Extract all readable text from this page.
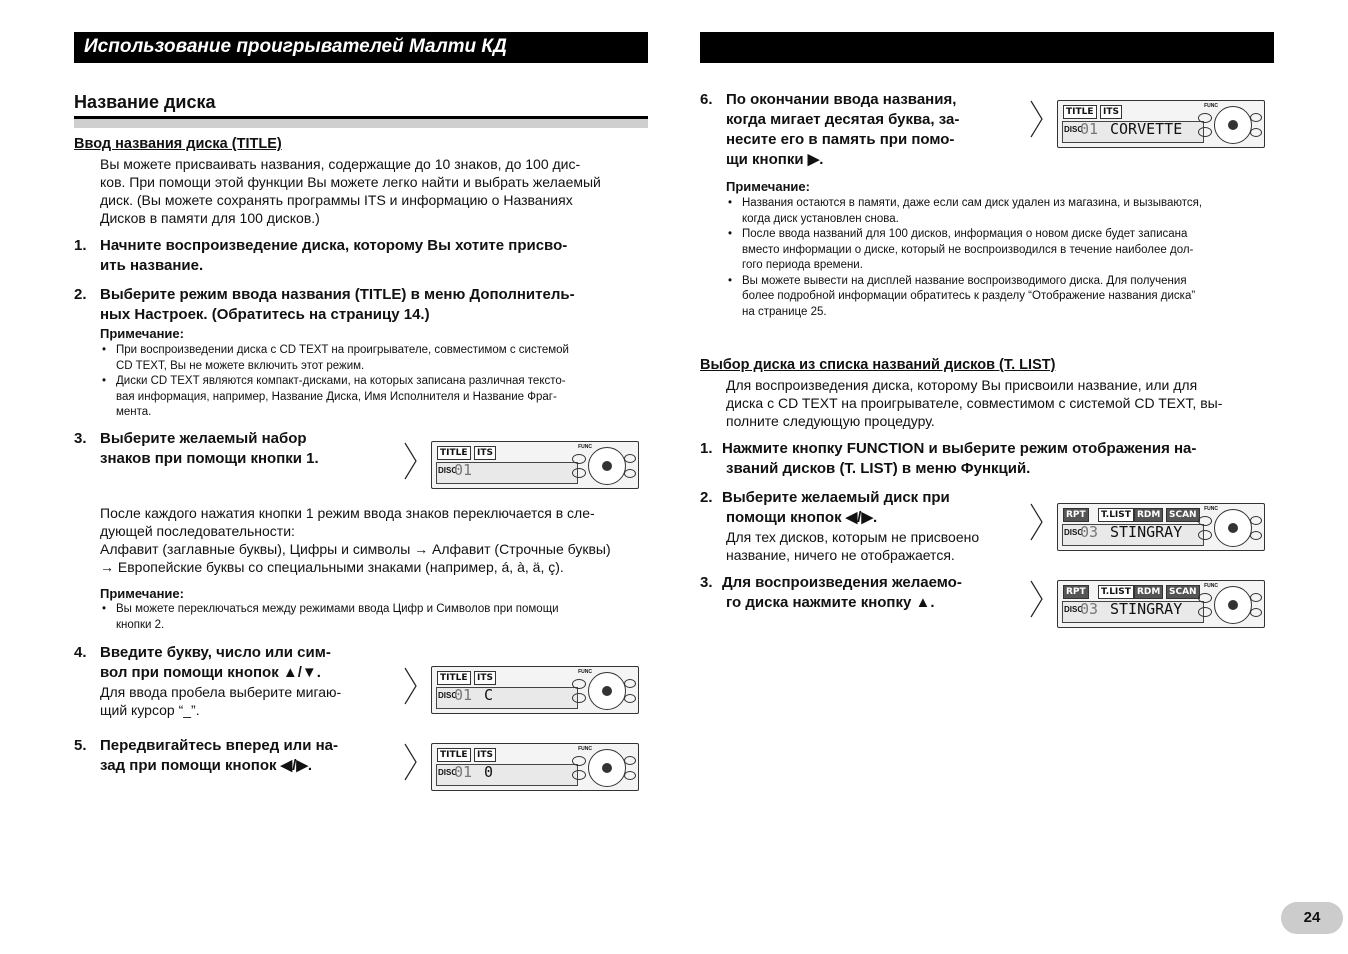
Использование проигрывателей Малти КД
Название диска
Ввод названия диска (TITLE)
Вы можете присваивать названия, содержащие до 10 знаков, до 100 дис-
ков. При помощи этой функции Вы можете легко найти и выбрать желаемый
диск. (Вы можете сохранять программы ITS и информацию о Названиях
Дисков в памяти для 100 дисков.)
1. Начните воспроизведение диска, которому Вы хотите присво-
ить название.
2. Выберите режим ввода названия (TITLE) в меню Дополнитель-
ных Настроек. (Обратитесь на страницу 14.)
Примечание:
• При воспроизведении диска с CD TEXT на проигрывателе, совместимом с системой
CD TEXT, Вы не можете включить этот режим.
• Диски CD TEXT являются компакт-дисками, на которых записана различная тексто-
вая информация, например, Название Диска, Имя Исполнителя и Название Фраг-
мента.
3. Выберите желаемый набор
знаков при помощи кнопки 1.
После каждого нажатия кнопки 1 режим ввода знаков переключается в сле-
дующей последовательности:
Алфавит (заглавные буквы), Цифры и символы → Алфавит (Строчные буквы)
→ Европейские буквы со специальными знаками (например, á, à, ä, ç).
Примечание:
• Вы можете переключаться между режимами ввода Цифр и Символов при помощи
кнопки 2.
4. Введите букву, число или сим-
вол при помощи кнопок ▲/▼.
Для ввода пробела выберите мигаю-
щий курсор “_”.
5. Передвигайтесь вперед или на-
зад при помощи кнопок ◀/▶.
TITLE	ITS
DISC
01
FUNC
TITLE	ITS
DISC
01 C
FUNC
TITLE	ITS
DISC
01 0
FUNC
6. По окончании ввода названия,
когда мигает десятая буква, за-
несите его в память при помо-
щи кнопки ▶.
TITLE	ITS
DISC
01 CORVETTE
FUNC
Примечание:
• Названия остаются в памяти, даже если сам диск удален из магазина, и вызываются,
когда диск установлен снова.
• После ввода названий для 100 дисков, информация о новом диске будет записана
вместо информации о диске, который не воспроизводился в течение наиболее дол-
гого периода времени.
• Вы можете вывести на дисплей название воспроизводимого диска. Для получения
более подробной информации обратитесь к разделу “Отображение названия диска”
на странице 25.
Выбор диска из списка названий дисков (T. LIST)
Для воспроизведения диска, которому Вы присвоили название, или для
диска с CD TEXT на проигрывателе, совместимом с системой CD TEXT, вы-
полните следующую процедуру.
1. Нажмите кнопку FUNCTION и выберите режим отображения на-
званий дисков (T. LIST) в меню Функций.
2. Выберите желаемый диск при
помощи кнопок ◀/▶.
Для тех дисков, которым не присвоено
название, ничего не отображается.
3. Для воспроизведения желаемо-
го диска нажмите кнопку ▲.
RPT	T.LIST RDM SCAN
DISC
03 STINGRAY
FUNC
RPT	T.LIST RDM SCAN
DISC
03 STINGRAY
FUNC
24
